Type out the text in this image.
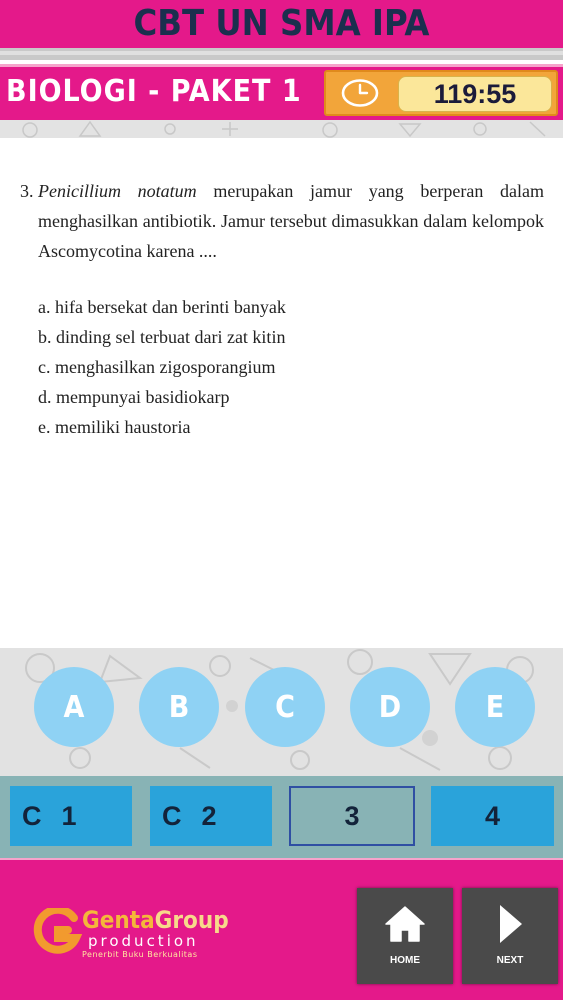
CBT UN SMA IPA
BIOLOGI - PAKET 1	119:55
3. Penicillium notatum merupakan jamur yang berperan dalam menghasilkan antibiotik. Jamur tersebut dimasukkan dalam kelompok Ascomycotina karena ....
a. hifa bersekat dan berinti banyak
b. dinding sel terbuat dari zat kitin
c. menghasilkan zigosporangium
d. mempunyai basidiokarp
e. memiliki haustoria
A	B	C	D	E
C 1	C 2	3	4
GentaGroup
production
Penerbit Buku Berkualitas
HOME	NEXT
